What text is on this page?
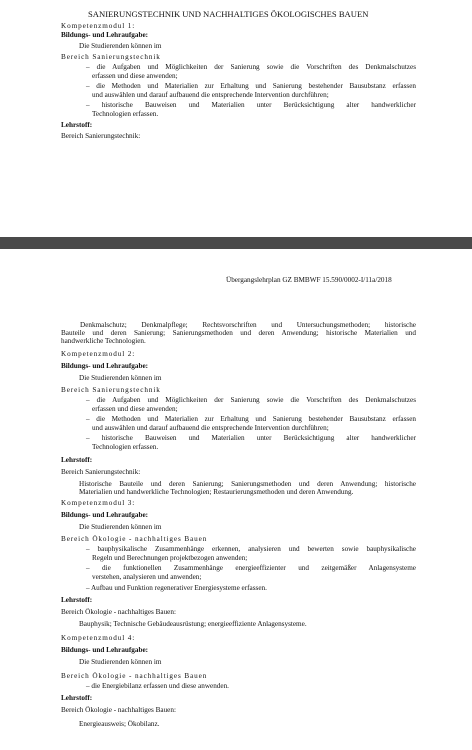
SANIERUNGSTECHNIK UND NACHHALTIGES ÖKOLOGISCHES BAUEN
Kompetenzmodul 1:
Bildungs- und Lehraufgabe:
Die Studierenden können im
Bereich Sanierungstechnik
– die Aufgaben und Möglichkeiten der Sanierung sowie die Vorschriften des Denkmalschutzes
erfassen und diese anwenden;
– die Methoden und Materialien zur Erhaltung und Sanierung bestehender Bausubstanz erfassen
und auswählen und darauf aufbauend die entsprechende Intervention durchführen;
– historische Bauweisen und Materialien unter Berücksichtigung alter handwerklicher
Technologien erfassen.
Lehrstoff:
Bereich Sanierungstechnik:
Übergangslehrplan GZ BMBWF 15.590/0002-I/11a/2018
Denkmalschutz; Denkmalpflege; Rechtsvorschriften und Untersuchungsmethoden; historische
Bauteile und deren Sanierung; Sanierungsmethoden und deren Anwendung; historische Materialien und
handwerkliche Technologien.
Kompetenzmodul 2:
Bildungs- und Lehraufgabe:
Die Studierenden können im
Bereich Sanierungstechnik
– die Aufgaben und Möglichkeiten der Sanierung sowie die Vorschriften des Denkmalschutzes
erfassen und diese anwenden;
– die Methoden und Materialien zur Erhaltung und Sanierung bestehender Bausubstanz erfassen
und auswählen und darauf aufbauend die entsprechende Intervention durchführen;
– historische Bauweisen und Materialien unter Berücksichtigung alter handwerklicher
Technologien erfassen.
Lehrstoff:
Bereich Sanierungstechnik:
Historische Bauteile und deren Sanierung; Sanierungsmethoden und deren Anwendung; historische
Materialien und handwerkliche Technologien; Restaurierungsmethoden und deren Anwendung.
Kompetenzmodul 3:
Bildungs- und Lehraufgabe:
Die Studierenden können im
Bereich Ökologie - nachhaltiges Bauen
– bauphysikalische Zusammenhänge erkennen, analysieren und bewerten sowie bauphysikalische
Regeln und Berechnungen projektbezogen anwenden;
– die funktionellen Zusammenhänge energieeffizienter und zeitgemäßer Anlagensysteme
verstehen, analysieren und anwenden;
– Aufbau und Funktion regenerativer Energiesysteme erfassen.
Lehrstoff:
Bereich Ökologie - nachhaltiges Bauen:
Bauphysik; Technische Gebäudeausrüstung; energieeffiziente Anlagensysteme.
Kompetenzmodul 4:
Bildungs- und Lehraufgabe:
Die Studierenden können im
Bereich Ökologie - nachhaltiges Bauen
– die Energiebilanz erfassen und diese anwenden.
Lehrstoff:
Bereich Ökologie - nachhaltiges Bauen:
Energieausweis; Ökobilanz.
